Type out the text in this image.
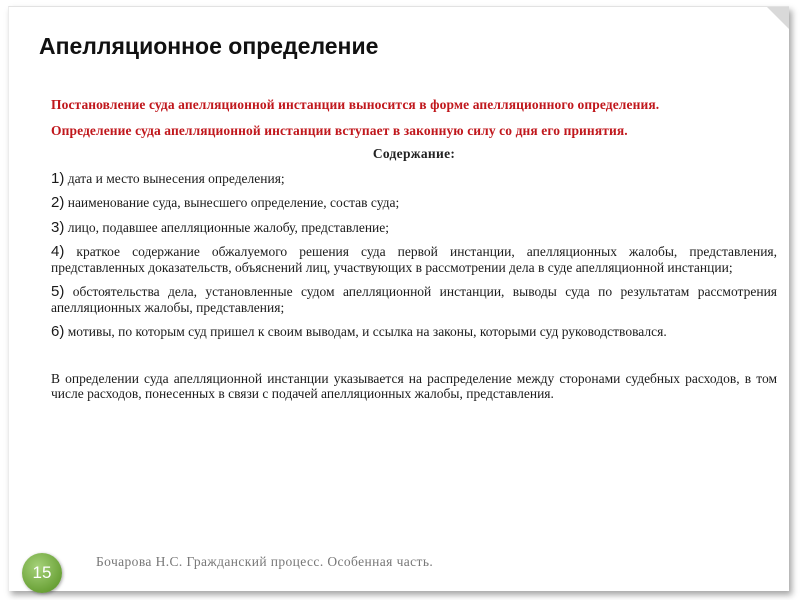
Апелляционное определение

Постановление суда апелляционной инстанции выносится в форме апелляционного определения.

Определение суда апелляционной инстанции вступает в законную силу со дня его принятия.

Содержание:

1) дата и место вынесения определения;

2) наименование суда, вынесшего определение, состав суда;

3) лицо, подавшее апелляционные жалобу, представление;

4) краткое содержание обжалуемого решения суда первой инстанции, апелляционных жалобы, представления, представленных доказательств, объяснений лиц, участвующих в рассмотрении дела в суде апелляционной инстанции;

5) обстоятельства дела, установленные судом апелляционной инстанции, выводы суда по результатам рассмотрения апелляционных жалобы, представления;

6) мотивы, по которым суд пришел к своим выводам, и ссылка на законы, которыми суд руководствовался.

В определении суда апелляционной инстанции указывается на распределение между сторонами судебных расходов, в том числе расходов, понесенных в связи с подачей апелляционных жалобы, представления.

15
Бочарова Н.С. Гражданский процесс. Особенная часть.
